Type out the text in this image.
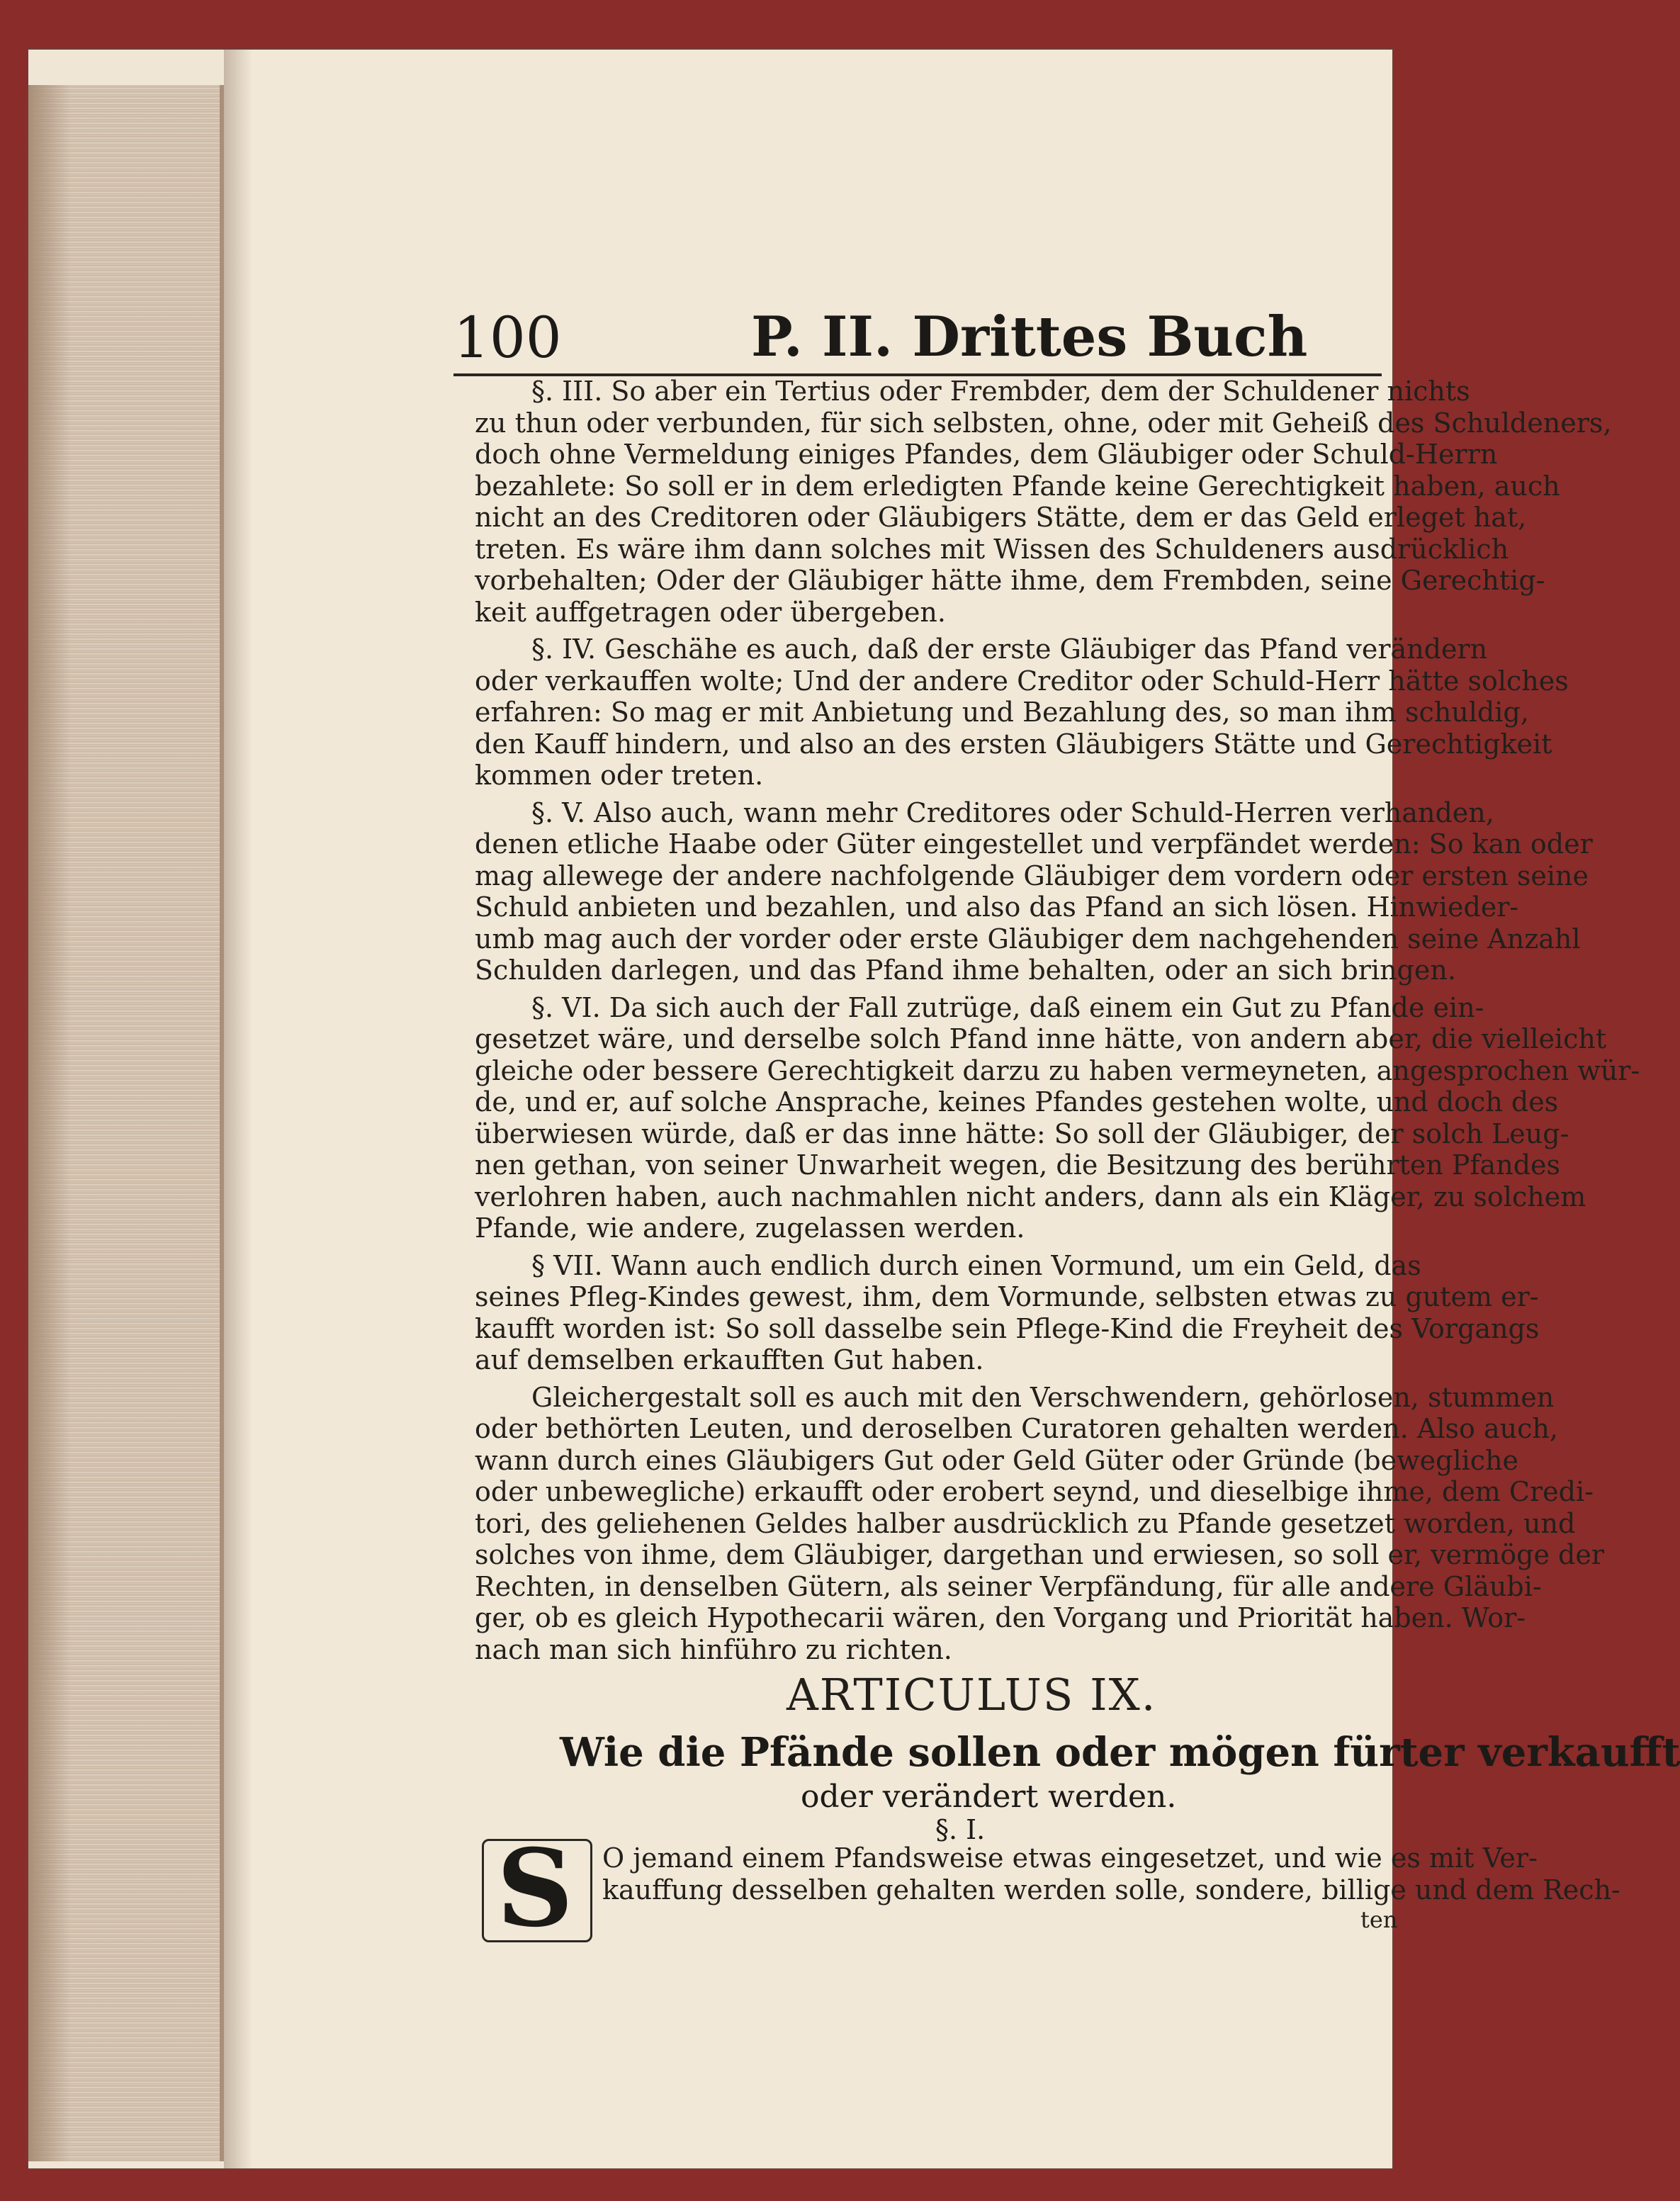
100	P. II. Drittes Buch
§. III. So aber ein Tertius oder Frembder, dem der Schuldener nichts
zu thun oder verbunden, für sich selbsten, ohne, oder mit Geheiß des Schuldeners,
doch ohne Vermeldung einiges Pfandes, dem Gläubiger oder Schuld-Herrn
bezahlete: So soll er in dem erledigten Pfande keine Gerechtigkeit haben, auch
nicht an des Creditoren oder Gläubigers Stätte, dem er das Geld erleget hat,
treten. Es wäre ihm dann solches mit Wissen des Schuldeners ausdrücklich
vorbehalten; Oder der Gläubiger hätte ihme, dem Frembden, seine Gerechtig-
keit auffgetragen oder übergeben.
§. IV. Geschähe es auch, daß der erste Gläubiger das Pfand verändern
oder verkauffen wolte; Und der andere Creditor oder Schuld-Herr hätte solches
erfahren: So mag er mit Anbietung und Bezahlung des, so man ihm schuldig,
den Kauff hindern, und also an des ersten Gläubigers Stätte und Gerechtigkeit
kommen oder treten.
§. V. Also auch, wann mehr Creditores oder Schuld-Herren verhanden,
denen etliche Haabe oder Güter eingestellet und verpfändet werden: So kan oder
mag allewege der andere nachfolgende Gläubiger dem vordern oder ersten seine
Schuld anbieten und bezahlen, und also das Pfand an sich lösen. Hinwieder-
umb mag auch der vorder oder erste Gläubiger dem nachgehenden seine Anzahl
Schulden darlegen, und das Pfand ihme behalten, oder an sich bringen.
§. VI. Da sich auch der Fall zutrüge, daß einem ein Gut zu Pfande ein-
gesetzet wäre, und derselbe solch Pfand inne hätte, von andern aber, die vielleicht
gleiche oder bessere Gerechtigkeit darzu zu haben vermeyneten, angesprochen wür-
de, und er, auf solche Ansprache, keines Pfandes gestehen wolte, und doch des
überwiesen würde, daß er das inne hätte: So soll der Gläubiger, der solch Leug-
nen gethan, von seiner Unwarheit wegen, die Besitzung des berührten Pfandes
verlohren haben, auch nachmahlen nicht anders, dann als ein Kläger, zu solchem
Pfande, wie andere, zugelassen werden.
§ VII. Wann auch endlich durch einen Vormund, um ein Geld, das
seines Pfleg-Kindes gewest, ihm, dem Vormunde, selbsten etwas zu gutem er-
kaufft worden ist: So soll dasselbe sein Pflege-Kind die Freyheit des Vorgangs
auf demselben erkaufften Gut haben.
Gleichergestalt soll es auch mit den Verschwendern, gehörlosen, stummen
oder bethörten Leuten, und deroselben Curatoren gehalten werden. Also auch,
wann durch eines Gläubigers Gut oder Geld Güter oder Gründe (bewegliche
oder unbewegliche) erkaufft oder erobert seynd, und dieselbige ihme, dem Credi-
tori, des geliehenen Geldes halber ausdrücklich zu Pfande gesetzet worden, und
solches von ihme, dem Gläubiger, dargethan und erwiesen, so soll er, vermöge der
Rechten, in denselben Gütern, als seiner Verpfändung, für alle andere Gläubi-
ger, ob es gleich Hypothecarii wären, den Vorgang und Priorität haben. Wor-
nach man sich hinführo zu richten.
ARTICULUS IX.
Wie die Pfände sollen oder mögen fürter verkaufft
oder verändert werden.
§. I.
S	O jemand einem Pfandsweise etwas eingesetzet, und wie es mit Ver-
kauffung desselben gehalten werden solle, sondere, billige und dem Rech-
ten
